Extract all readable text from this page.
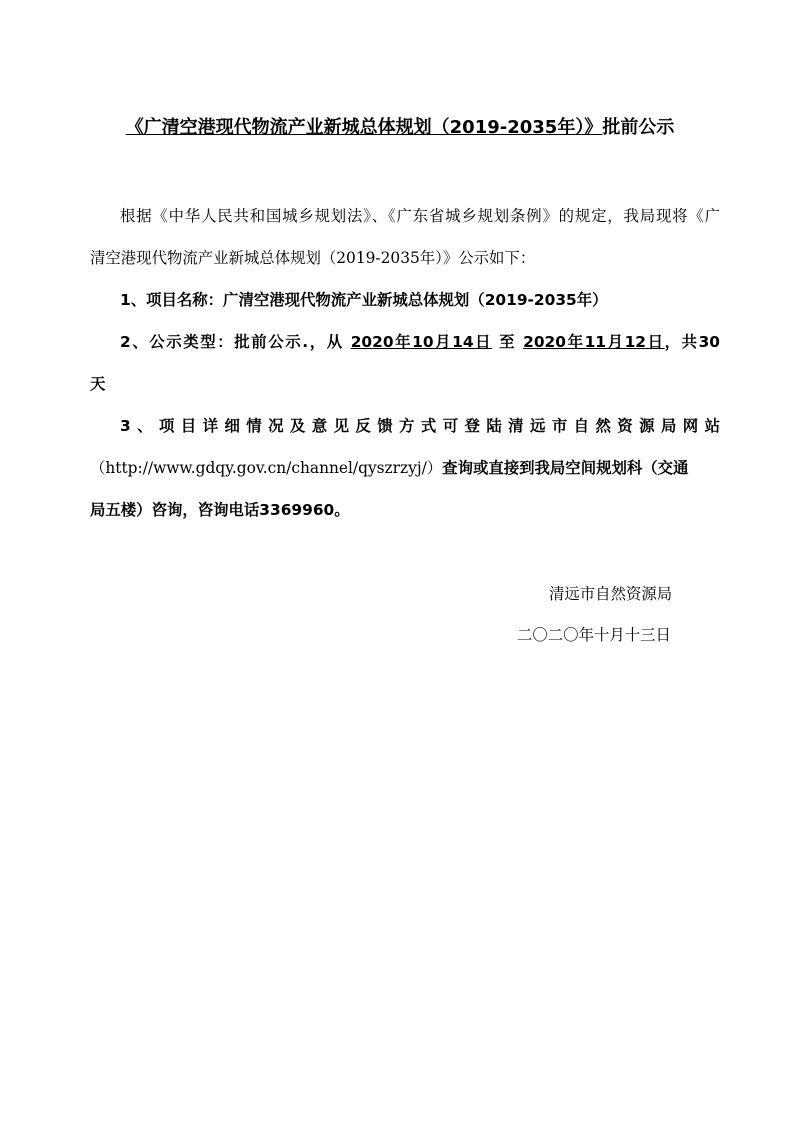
《广清空港现代物流产业新城总体规划（2019-2035年）》批前公示
根据《中华人民共和国城乡规划法》、《广东省城乡规划条例》的规定，我局现将《广
清空港现代物流产业新城总体规划（2019-2035年）》公示如下：
1、项目名称：广清空港现代物流产业新城总体规划（2019-2035年）
2、公示类型：批前公示.，从 2020年10月14日 至 2020年11月12日，共30
天
3、项目详细情况及意见反馈方式可登陆清远市自然资源局网站
（http://www.gdqy.gov.cn/channel/qyszrzyj/）查询或直接到我局空间规划科（交通
局五楼）咨询，咨询电话3369960。
清远市自然资源局
二〇二〇年十月十三日
